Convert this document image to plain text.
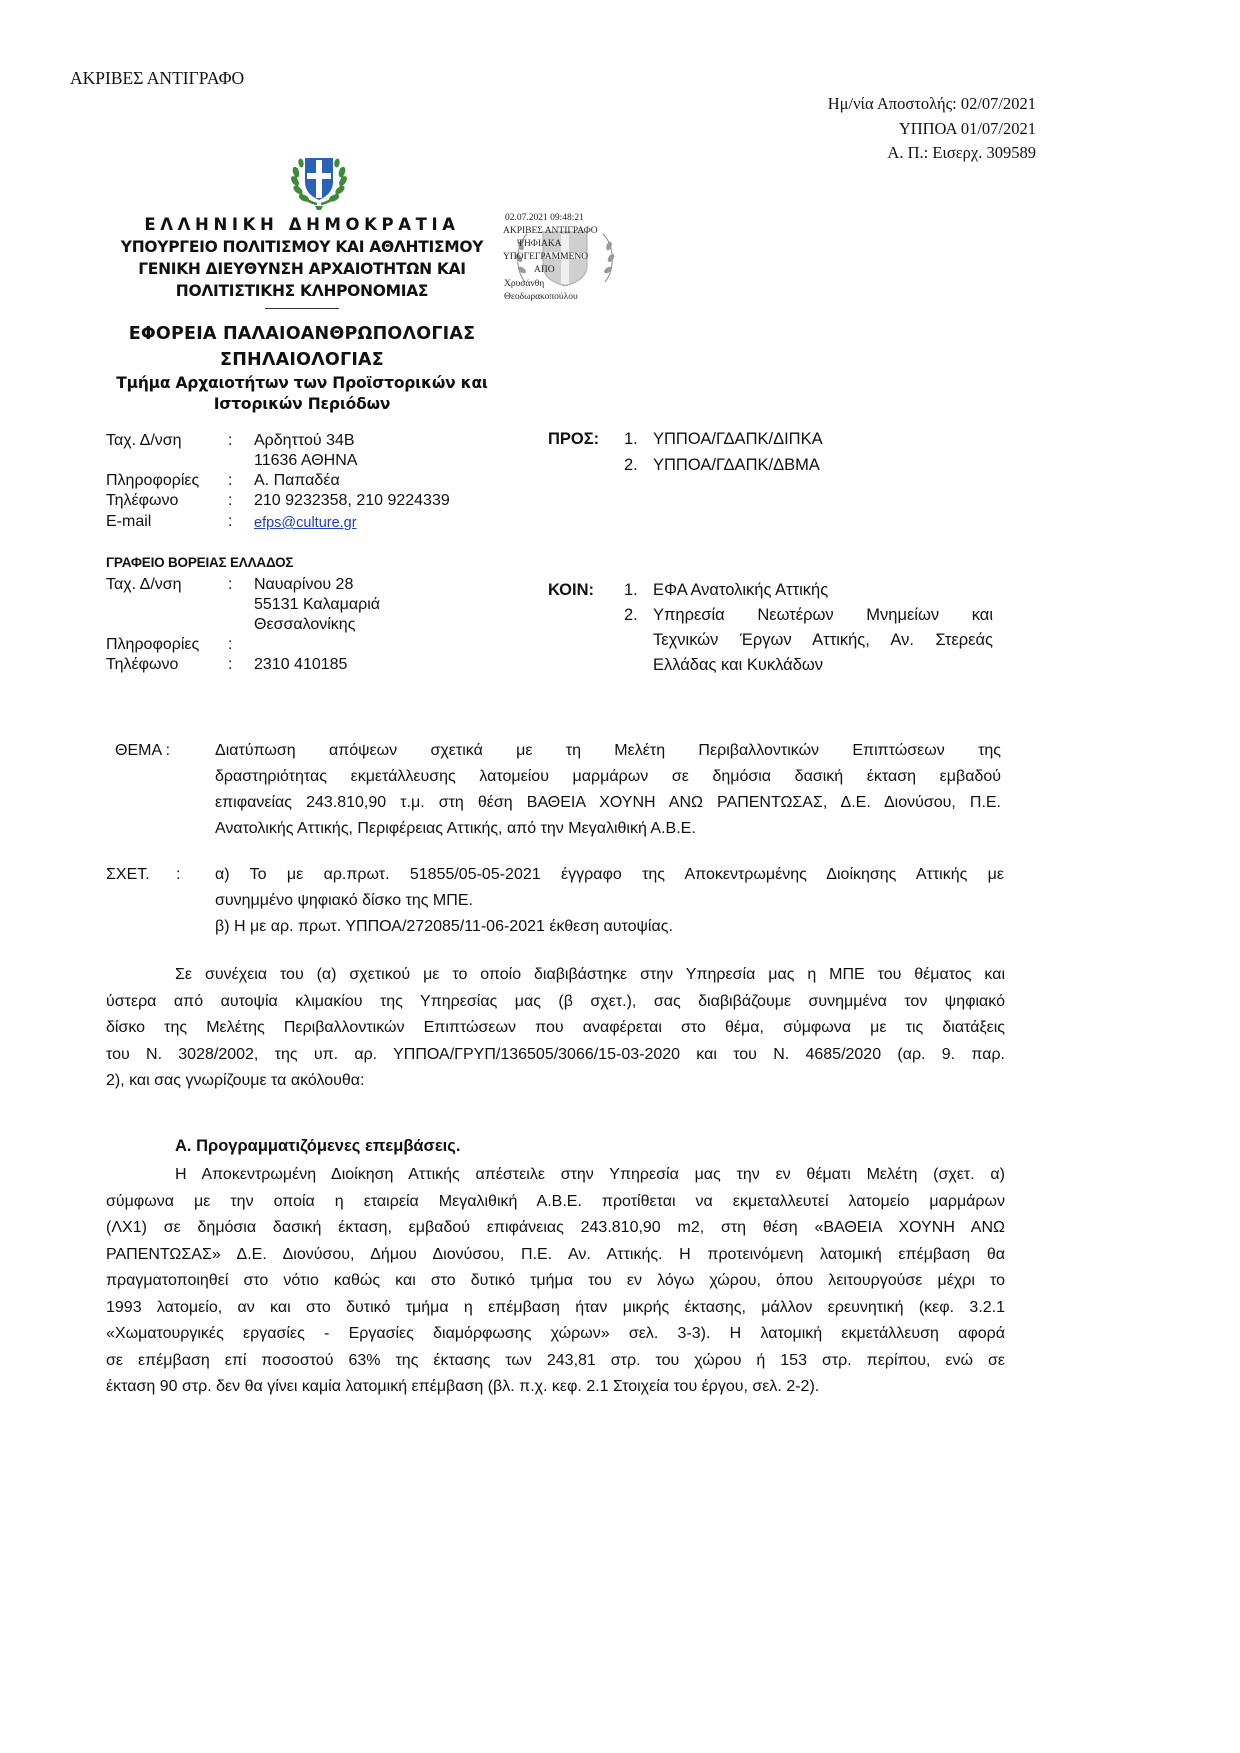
ΑΚΡΙΒΕΣ ΑΝΤΙΓΡΑΦΟ
Ημ/νία Αποστολής: 02/07/2021
ΥΠΠΟΑ 01/07/2021
Α. Π.: Εισερχ. 309589
ΕΛΛΗΝΙΚΗ ΔΗΜΟΚΡΑΤΙΑ
ΥΠΟΥΡΓΕΙΟ ΠΟΛΙΤΙΣΜΟΥ ΚΑΙ ΑΘΛΗΤΙΣΜΟΥ
ΓΕΝΙΚΗ ΔΙΕΥΘΥΝΣΗ ΑΡΧΑΙΟΤΗΤΩΝ ΚΑΙ
ΠΟΛΙΤΙΣΤΙΚΗΣ ΚΛΗΡΟΝΟΜΙΑΣ
ΕΦΟΡΕΙΑ ΠΑΛΑΙΟΑΝΘΡΩΠΟΛΟΓΙΑΣ
ΣΠΗΛΑΙΟΛΟΓΙΑΣ
Τμήμα Αρχαιοτήτων των Προϊστορικών και
Ιστορικών Περιόδων
02.07.2021 09:48:21
ΑΚΡΙΒΕΣ ΑΝΤΙΓΡΑΦΟ
ΨΗΦΙΑΚΑ
ΥΠΟΓΕΓΡΑΜΜΕΝΟ
ΑΠΟ
Χρυσάνθη
Θεοδωρακοπούλου
Ταχ. Δ/νση	: Αρδηττού 34Β
11636 ΑΘΗΝΑ
Πληροφορίες : Α. Παπαδέα
Τηλέφωνο	: 210 9232358, 210 9224339
E-mail	: efps@culture.gr
ΓΡΑΦΕΙΟ ΒΟΡΕΙΑΣ ΕΛΛΑΔΟΣ
Ταχ. Δ/νση	: Ναυαρίνου 28
55131 Καλαμαριά
Θεσσαλονίκης
Πληροφορίες :
Τηλέφωνο	: 2310 410185
ΠΡΟΣ: 1. ΥΠΠΟΑ/ΓΔΑΠΚ/ΔΙΠΚΑ
2. ΥΠΠΟΑ/ΓΔΑΠΚ/ΔΒΜΑ
ΚΟΙΝ: 1. ΕΦΑ Ανατολικής Αττικής
2. Υπηρεσία Νεωτέρων Μνημείων και
Τεχνικών Έργων Αττικής, Αν. Στερεάς
Ελλάδας και Κυκλάδων
ΘΕΜΑ :	Διατύπωση απόψεων σχετικά με τη Μελέτη Περιβαλλοντικών Επιπτώσεων της
δραστηριότητας εκμετάλλευσης λατομείου μαρμάρων σε δημόσια δασική έκταση εμβαδού
επιφανείας 243.810,90 τ.μ. στη θέση ΒΑΘΕΙΑ ΧΟΥΝΗ ΑΝΩ ΡΑΠΕΝΤΩΣΑΣ, Δ.Ε. Διονύσου, Π.Ε.
Ανατολικής Αττικής, Περιφέρειας Αττικής, από την Μεγαλιθική Α.Β.Ε.
ΣΧΕΤ. : α) Το με αρ.πρωτ. 51855/05-05-2021 έγγραφο της Αποκεντρωμένης Διοίκησης Αττικής με
συνημμένο ψηφιακό δίσκο της ΜΠΕ.
β) Η με αρ. πρωτ. ΥΠΠΟΑ/272085/11-06-2021 έκθεση αυτοψίας.
Σε συνέχεια του (α) σχετικού με το οποίο διαβιβάστηκε στην Υπηρεσία μας η ΜΠΕ του θέματος και
ύστερα από αυτοψία κλιμακίου της Υπηρεσίας μας (β σχετ.), σας διαβιβάζουμε συνημμένα τον ψηφιακό
δίσκο της Μελέτης Περιβαλλοντικών Επιπτώσεων που αναφέρεται στο θέμα, σύμφωνα με τις διατάξεις
του Ν. 3028/2002, της υπ. αρ. ΥΠΠΟΑ/ΓΡΥΠ/136505/3066/15-03-2020 και του Ν. 4685/2020 (αρ. 9. παρ.
2), και σας γνωρίζουμε τα ακόλουθα:
Α. Προγραμματιζόμενες επεμβάσεις.
Η Αποκεντρωμένη Διοίκηση Αττικής απέστειλε στην Υπηρεσία μας την εν θέματι Μελέτη (σχετ. α)
σύμφωνα με την οποία η εταιρεία Μεγαλιθική Α.Β.Ε. προτίθεται να εκμεταλλευτεί λατομείο μαρμάρων
(ΛΧ1) σε δημόσια δασική έκταση, εμβαδού επιφάνειας 243.810,90 m2, στη θέση «ΒΑΘΕΙΑ ΧΟΥΝΗ ΑΝΩ
ΡΑΠΕΝΤΩΣΑΣ» Δ.Ε. Διονύσου, Δήμου Διονύσου, Π.Ε. Αν. Αττικής. Η προτεινόμενη λατομική επέμβαση θα
πραγματοποιηθεί στο νότιο καθώς και στο δυτικό τμήμα του εν λόγω χώρου, όπου λειτουργούσε μέχρι το
1993 λατομείο, αν και στο δυτικό τμήμα η επέμβαση ήταν μικρής έκτασης, μάλλον ερευνητική (κεφ. 3.2.1
«Χωματουργικές εργασίες - Εργασίες διαμόρφωσης χώρων» σελ. 3-3). Η λατομική εκμετάλλευση αφορά
σε επέμβαση επί ποσοστού 63% της έκτασης των 243,81 στρ. του χώρου ή 153 στρ. περίπου, ενώ σε
έκταση 90 στρ. δεν θα γίνει καμία λατομική επέμβαση (βλ. π.χ. κεφ. 2.1 Στοιχεία του έργου, σελ. 2-2).
